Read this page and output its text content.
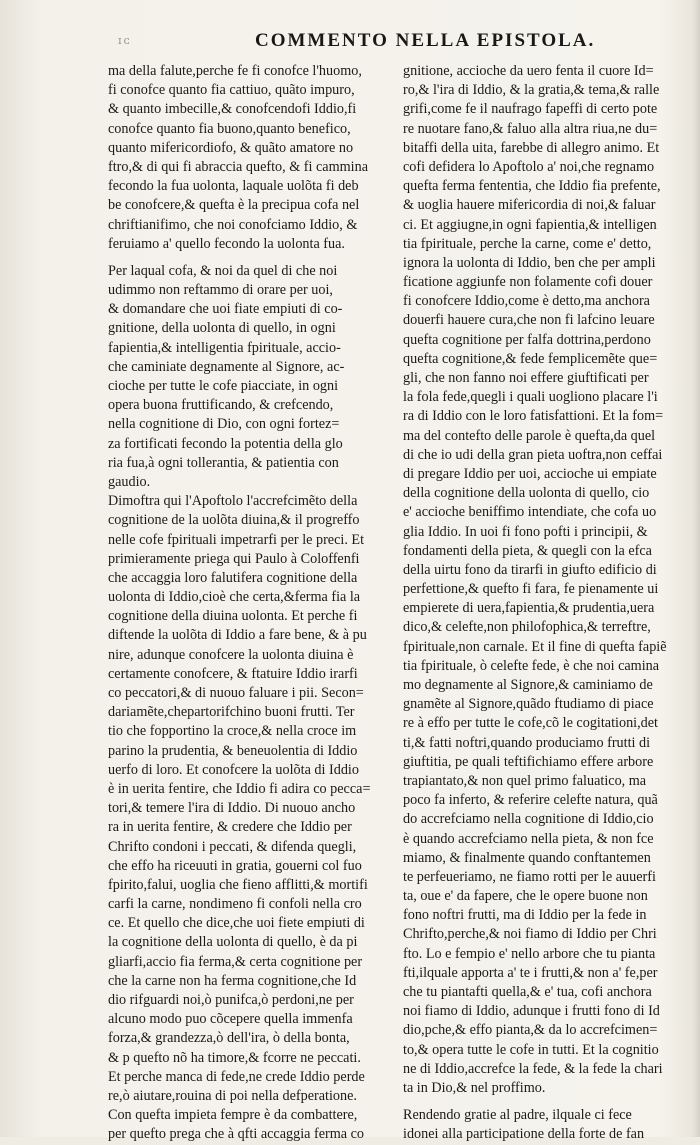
ɪᴄ	COMMENTO NELLA EPISTOLA.
ma della falute,perche fe fi conofce l'huomo,
fi conofce quanto fia cattiuo, quãto impuro,
& quanto imbecille,& conofcendofi Iddio,fi
conofce quanto fia buono,quanto benefico,
quanto mifericordiofo, & quãto amatore no
ftro,& di qui fi abraccia quefto, & fi cammina
fecondo la fua uolonta, laquale uolõta fi deb
be conofcere,& quefta è la precipua cofa nel
chriftianifimo, che noi conofciamo Iddio, &
feruiamo a' quello fecondo la uolonta fua.
Per laqual cofa, & noi da quel di che noi
udimmo non reftammo di orare per uoi,
& domandare che uoi fiate empiuti di co-
gnitione, della uolonta di quello, in ogni
fapientia,& intelligentia fpirituale, accio-
che caminiate degnamente al Signore, ac-
cioche per tutte le cofe piacciate, in ogni
opera buona fruttificando, & crefcendo,
nella cognitione di Dio, con ogni fortez=
za fortificati fecondo la potentia della glo
ria fua,à ogni tollerantia, & patientia con
gaudio.
Dimoftra qui l'Apoftolo l'accrefcimẽto della
cognitione de la uolõta diuina,& il progreffo
nelle cofe fpirituali impetrarfi per le preci. Et
primieramente priega qui Paulo à Coloffenfi
che accaggia loro falutifera cognitione della
uolonta di Iddio,cioè che certa,&ferma fia la
cognitione della diuina uolonta. Et perche fi
diftende la uolõta di Iddio a fare bene, & à pu
nire, adunque conofcere la uolonta diuina è
certamente conofcere, & ftatuire Iddio irarfi
co peccatori,& di nuouo faluare i pii. Secon=
dariamẽte,chepartorifchino buoni frutti. Ter
tio che fopportino la croce,& nella croce im
parino la prudentia, & beneuolentia di Iddio
uerfo di loro. Et conofcere la uolõta di Iddio
è in uerita fentire, che Iddio fi adira co pecca=
tori,& temere l'ira di Iddio. Di nuouo ancho
ra in uerita fentire, & credere che Iddio per
Chrifto condoni i peccati, & difenda quegli,
che effo ha riceuuti in gratia, gouerni col fuo
fpirito,falui, uoglia che fieno afflitti,& mortifi
carfi la carne, nondimeno fi confoli nella cro
ce. Et quello che dice,che uoi fiete empiuti di
la cognitione della uolonta di quello, è da pi
gliarfi,accio fia ferma,& certa cognitione per
che la carne non ha ferma cognitione,che Id
dio rifguardi noi,ò punifca,ò perdoni,ne per
alcuno modo puo cõcepere quella immenfa
forza,& grandezza,ò dell'ira, ò della bonta,
& p quefto nõ ha timore,& fcorre ne peccati.
Et perche manca di fede,ne crede Iddio perde
re,ò aiutare,rouina di poi nella defperatione.
Con quefta impieta fempre è da combattere,
per quefto prega che à qfti accaggia ferma co
gnitione, accioche da uero fenta il cuore Id=
ro,& l'ira di Iddio, & la gratia,& tema,& ralle
grifi,come fe il naufrago fapeffi di certo pote
re nuotare fano,& faluo alla altra riua,ne du=
bitaffi della uita, farebbe di allegro animo. Et
cofi defidera lo Apoftolo a' noi,che regnamo
quefta ferma fententia, che Iddio fia prefente,
& uoglia hauere mifericordia di noi,& faluar
ci. Et aggiugne,in ogni fapientia,& intelligen
tia fpirituale, perche la carne, come e' detto,
ignora la uolonta di Iddio, ben che per ampli
ficatione aggiunfe non folamente cofi douer
fi conofcere Iddio,come è detto,ma anchora
douerfi hauere cura,che non fi lafcino leuare
quefta cognitione per falfa dottrina,perdono
quefta cognitione,& fede femplicemẽte que=
gli, che non fanno noi effere giuftificati per
la fola fede,quegli i quali uogliono placare l'i
ra di Iddio con le loro fatisfattioni. Et la fom=
ma del contefto delle parole è quefta,da quel
di che io udi della gran pieta uoftra,non ceffai
di pregare Iddio per uoi, accioche ui empiate
della cognitione della uolonta di quello, cio
e' accioche beniffimo intendiate, che cofa uo
glia Iddio. In uoi fi fono pofti i principii, &
fondamenti della pieta, & quegli con la efca
della uirtu fono da tirarfi in giufto edificio di
perfettione,& quefto fi fara, fe pienamente ui
empierete di uera,fapientia,& prudentia,uera
dico,& celefte,non philofophica,& terreftre,
fpirituale,non carnale. Et il fine di quefta fapiẽ
tia fpirituale, ò celefte fede, è che noi camina
mo degnamente al Signore,& caminiamo de
gnamẽte al Signore,quãdo ftudiamo di piace
re à effo per tutte le cofe,cõ le cogitationi,det
ti,& fatti noftri,quando produciamo frutti di
giuftitia, pe quali teftifichiamo effere arbore
trapiantato,& non quel primo faluatico, ma
poco fa inferto, & referire celefte natura, quã
do accrefciamo nella cognitione di Iddio,cio
è quando accrefciamo nella pieta, & non fce
miamo, & finalmente quando conftantemen
te perfeueriamo, ne fiamo rotti per le auuerfi
ta, oue e' da fapere, che le opere buone non
fono noftri frutti, ma di Iddio per la fede in
Chrifto,perche,& noi fiamo di Iddio per Chri
fto. Lo e fempio e' nello arbore che tu pianta
fti,ilquale apporta a' te i frutti,& non a' fe,per
che tu piantafti quella,& e' tua, cofi anchora
noi fiamo di Iddio, adunque i frutti fono di Id
dio,pche,& effo pianta,& da lo accrefcimen=
to,& opera tutte le cofe in tutti. Et la cognitio
ne di Iddio,accrefce la fede, & la fede la chari
ta in Dio,& nel proffimo.
Rendendo gratie al padre, ilquale ci fece
idonei alla participatione della forte de fan
